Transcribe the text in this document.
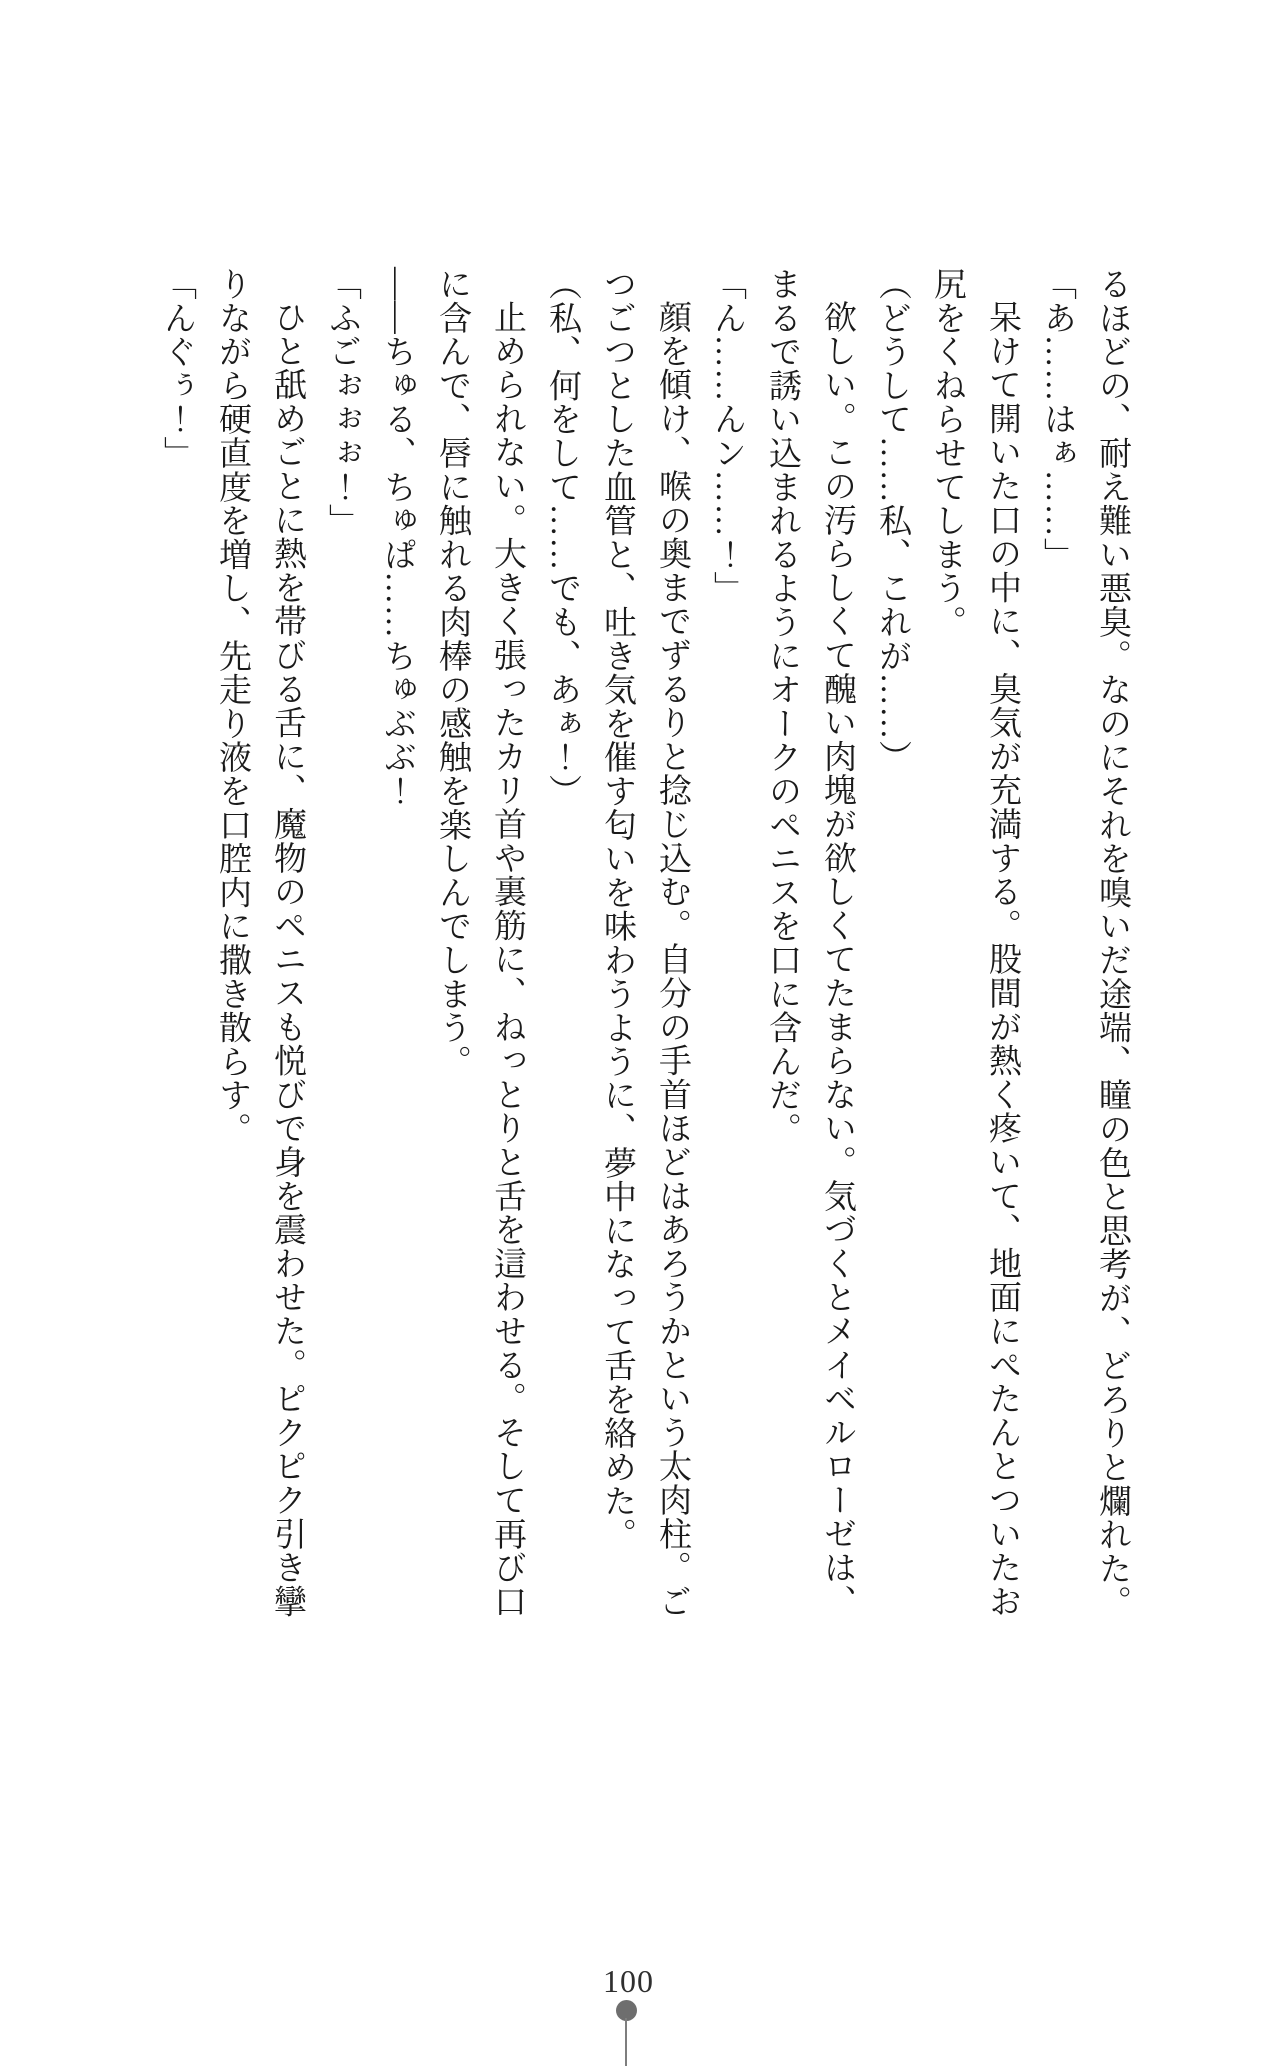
るほどの、耐え難い悪臭。なのにそれを嗅いだ途端、瞳の色と思考が、どろりと爛れた。

「あ……はぁ……」

呆けて開いた口の中に、臭気が充満する。股間が熱く疼いて、地面にぺたんとついたお尻をくねらせてしまう。

（どうして……私、これが……）

欲しい。この汚らしくて醜い肉塊が欲しくてたまらない。気づくとメイベルローゼは、まるで誘い込まれるようにオークのペニスを口に含んだ。

「ん……んン……！」

顔を傾け、喉の奥までずるりと捻じ込む。自分の手首ほどはあろうかという太肉柱。ごつごつとした血管と、吐き気を催す匂いを味わうように、夢中になって舌を絡めた。

（私、何をして……でも、あぁ！）

止められない。大きく張ったカリ首や裏筋に、ねっとりと舌を這わせる。そして再び口に含んで、唇に触れる肉棒の感触を楽しんでしまう。

――ちゅる、ちゅぱ……ちゅぶぶ！

「ふごぉぉぉ！」

ひと舐めごとに熱を帯びる舌に、魔物のペニスも悦びで身を震わせた。ピクピク引き攣りながら硬直度を増し、先走り液を口腔内に撒き散らす。

「んぐぅ！」

100
